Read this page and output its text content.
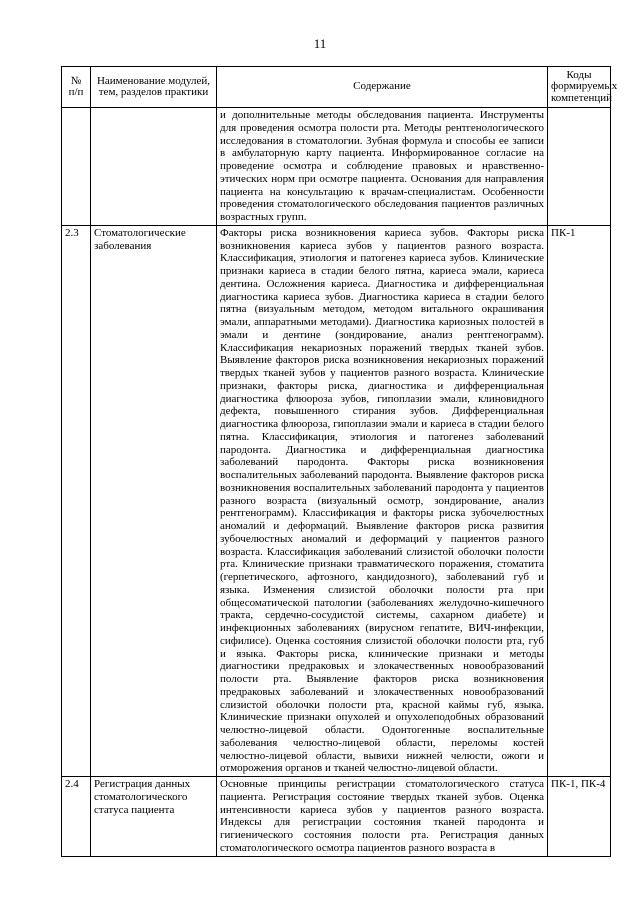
11
№ п/п	Наименование модулей, тем, разделов практики	Содержание	Коды формируемых компетенций
		и дополнительные методы обследования пациента. Инструменты для проведения осмотра полости рта. Методы рентгенологического исследования в стоматологии. Зубная формула и способы ее записи в амбулаторную карту пациента. Информированное согласие на проведение осмотра и соблюдение правовых и нравственно-этических норм при осмотре пациента. Основания для направления пациента на консультацию к врачам-специалистам. Особенности проведения стоматологического обследования пациентов различных возрастных групп.	
2.3	Стоматологические заболевания	Факторы риска возникновения кариеса зубов. Факторы риска возникновения кариеса зубов у пациентов разного возраста. Классификация, этиология и патогенез кариеса зубов. Клинические признаки кариеса в стадии белого пятна, кариеса эмали, кариеса дентина. Осложнения кариеса. Диагностика и дифференциальная диагностика кариеса зубов. Диагностика кариеса в стадии белого пятна (визуальным методом, методом витального окрашивания эмали, аппаратными методами). Диагностика кариозных полостей в эмали и дентине (зондирование, анализ рентгенограмм). Классификация некариозных поражений твердых тканей зубов. Выявление факторов риска возникновения некариозных поражений твердых тканей зубов у пациентов разного возраста. Клинические признаки, факторы риска, диагностика и дифференциальная диагностика флюороза зубов, гипоплазии эмали, клиновидного дефекта, повышенного стирания зубов. Дифференциальная диагностика флюороза, гипоплазии эмали и кариеса в стадии белого пятна. Классификация, этиология и патогенез заболеваний пародонта. Диагностика и дифференциальная диагностика заболеваний пародонта. Факторы риска возникновения воспалительных заболеваний пародонта. Выявление факторов риска возникновения воспалительных заболеваний пародонта у пациентов разного возраста (визуальный осмотр, зондирование, анализ рентгенограмм). Классификация и факторы риска зубочелюстных аномалий и деформаций. Выявление факторов риска развития зубочелюстных аномалий и деформаций у пациентов разного возраста. Классификация заболеваний слизистой оболочки полости рта. Клинические признаки травматического поражения, стоматита (герпетического, афтозного, кандидозного), заболеваний губ и языка. Изменения слизистой оболочки полости рта при общесоматической патологии (заболеваниях желудочно-кишечного тракта, сердечно-сосудистой системы, сахарном диабете) и инфекционных заболеваниях (вирусном гепатите, ВИЧ-инфекции, сифилисе). Оценка состояния слизистой оболочки полости рта, губ и языка. Факторы риска, клинические признаки и методы диагностики предраковых и злокачественных новообразований полости рта. Выявление факторов риска возникновения предраковых заболеваний и злокачественных новообразований слизистой оболочки полости рта, красной каймы губ, языка. Клинические признаки опухолей и опухолеподобных образований челюстно-лицевой области. Одонтогенные воспалительные заболевания челюстно-лицевой области, переломы костей челюстно-лицевой области, вывихи нижней челюсти, ожоги и отморожения органов и тканей челюстно-лицевой области.	ПК-1
2.4	Регистрация данных стоматологического статуса пациента	Основные принципы регистрации стоматологического статуса пациента. Регистрация состояние твердых тканей зубов. Оценка интенсивности кариеса зубов у пациентов разного возраста. Индексы для регистрации состояния тканей пародонта и гигиенического состояния полости рта. Регистрация данных стоматологического осмотра пациентов разного возраста в	ПК-1, ПК-4
